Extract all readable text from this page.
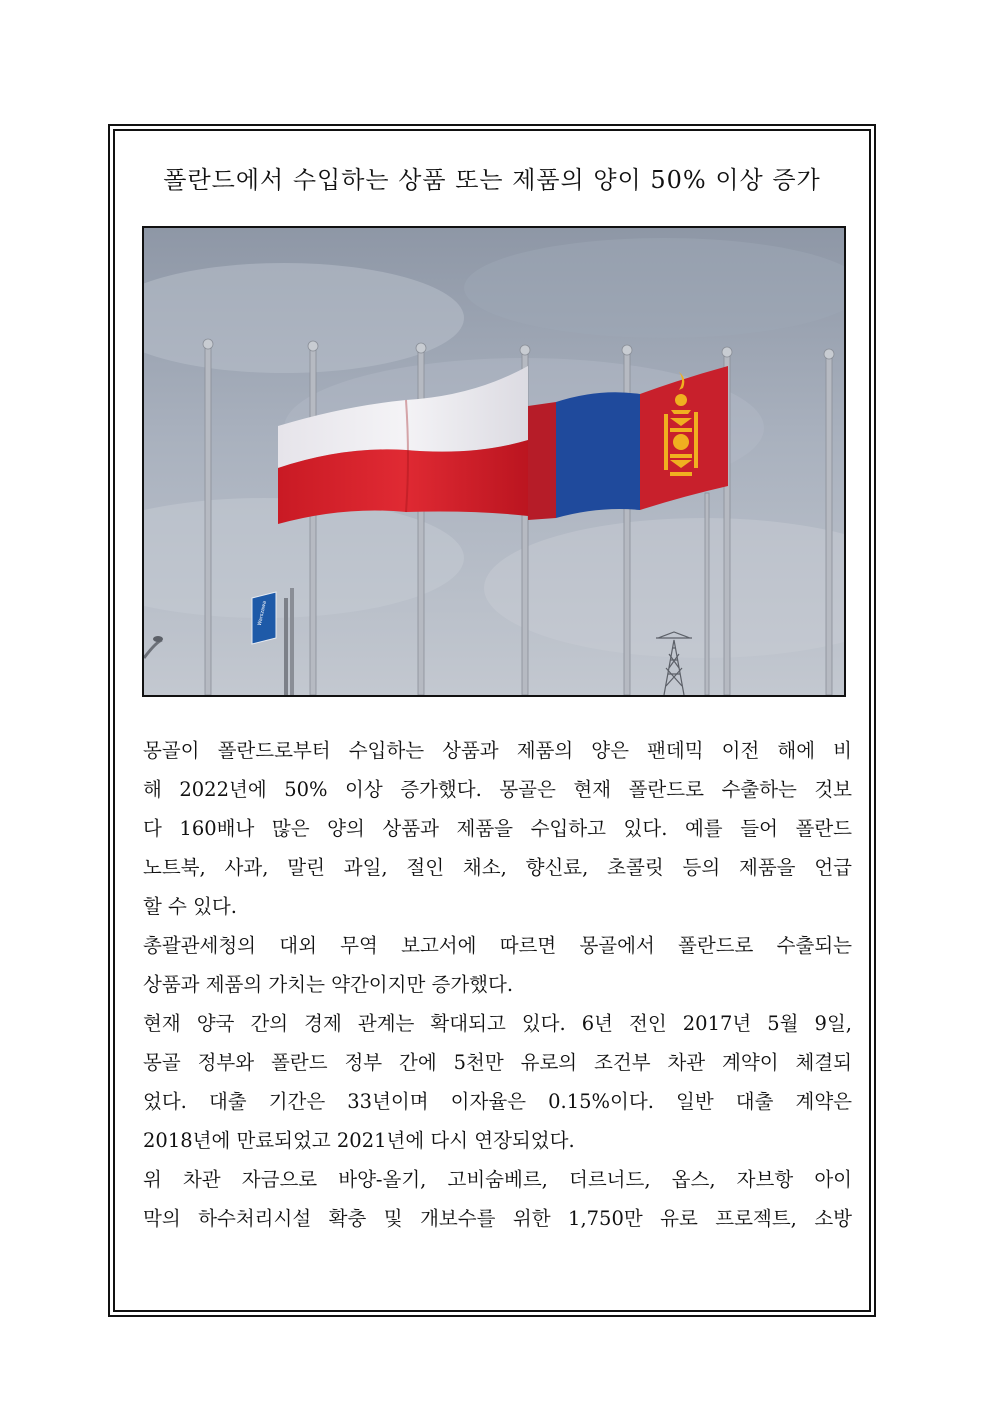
폴란드에서 수입하는 상품 또는 제품의 양이 50% 이상 증가
Warszawa
몽골이 폴란드로부터 수입하는 상품과 제품의 양은 팬데믹 이전 해에 비
해 2022년에 50% 이상 증가했다. 몽골은 현재 폴란드로 수출하는 것보
다 160배나 많은 양의 상품과 제품을 수입하고 있다. 예를 들어 폴란드
노트북, 사과, 말린 과일, 절인 채소, 향신료, 초콜릿 등의 제품을 언급
할 수 있다.
총괄관세청의 대외 무역 보고서에 따르면 몽골에서 폴란드로 수출되는
상품과 제품의 가치는 약간이지만 증가했다.
현재 양국 간의 경제 관계는 확대되고 있다. 6년 전인 2017년 5월 9일,
몽골 정부와 폴란드 정부 간에 5천만 유로의 조건부 차관 계약이 체결되
었다. 대출 기간은 33년이며 이자율은 0.15%이다. 일반 대출 계약은
2018년에 만료되었고 2021년에 다시 연장되었다.
위 차관 자금으로 바양-올기, 고비숨베르, 더르너드, 옵스, 자브항 아이
막의 하수처리시설 확충 및 개보수를 위한 1,750만 유로 프로젝트, 소방
